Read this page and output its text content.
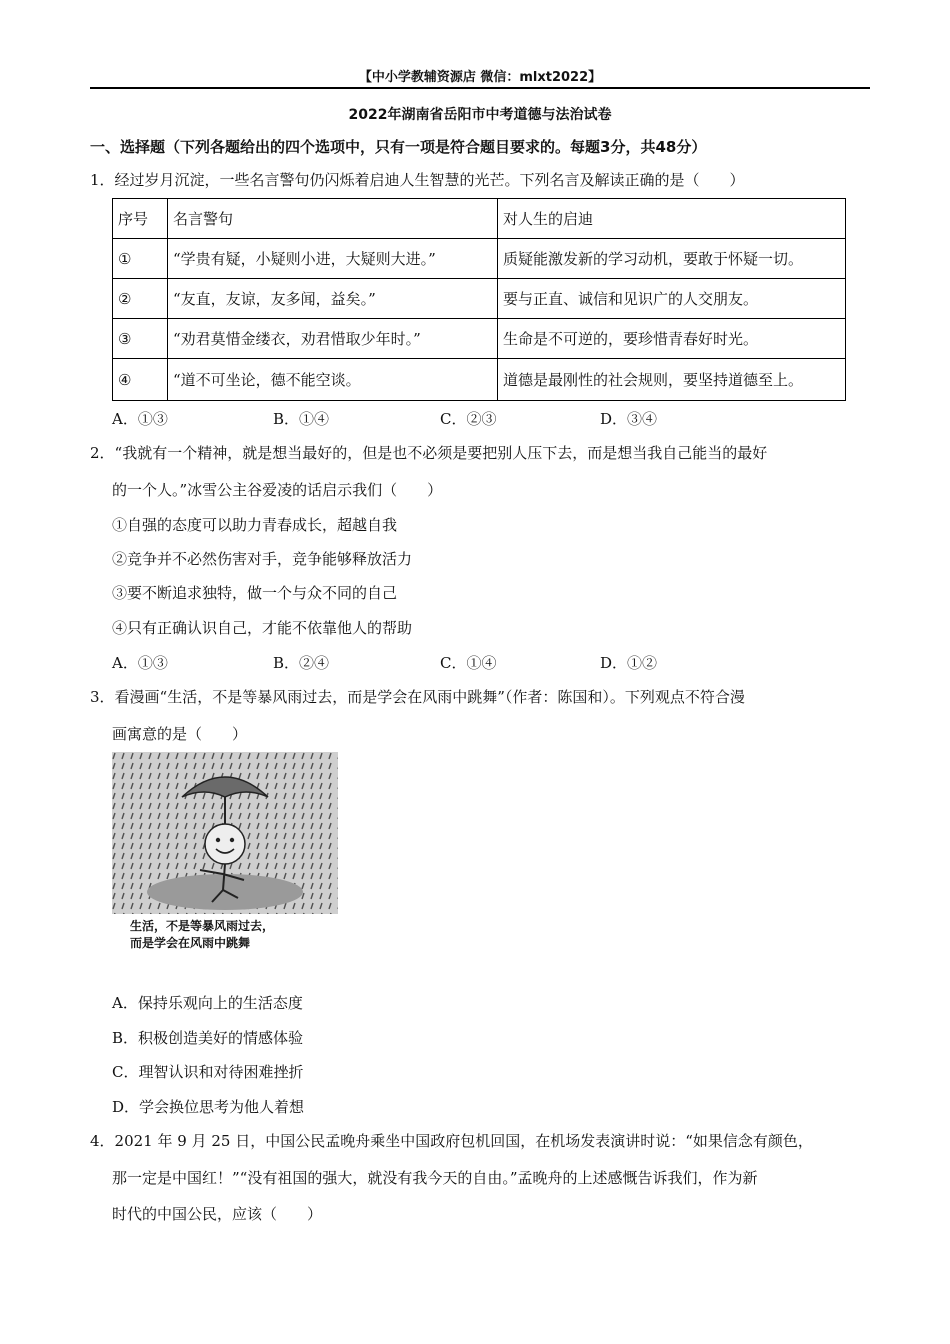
【中小学教辅资源店 微信：mlxt2022】
2022年湖南省岳阳市中考道德与法治试卷
一、选择题（下列各题给出的四个选项中，只有一项是符合题目要求的。每题3分，共48分）
1．经过岁月沉淀，一些名言警句仍闪烁着启迪人生智慧的光芒。下列名言及解读正确的是（　　）
序号	名言警句	对人生的启迪
①	“学贵有疑，小疑则小进，大疑则大进。”	质疑能激发新的学习动机，要敢于怀疑一切。
②	“友直，友谅，友多闻，益矣。”	要与正直、诚信和见识广的人交朋友。
③	“劝君莫惜金缕衣，劝君惜取少年时。”	生命是不可逆的，要珍惜青春好时光。
④	“道不可坐论，德不能空谈。	道德是最刚性的社会规则，要坚持道德至上。
A．①③	B．①④	C．②③	D．③④
2．“我就有一个精神，就是想当最好的，但是也不必须是要把别人压下去，而是想当我自己能当的最好
的一个人。”冰雪公主谷爱凌的话启示我们（　　）
①自强的态度可以助力青春成长，超越自我
②竞争并不必然伤害对手，竞争能够释放活力
③要不断追求独特，做一个与众不同的自己
④只有正确认识自己，才能不依靠他人的帮助
A．①③	B．②④	C．①④	D．①②
3．看漫画“生活，不是等暴风雨过去，而是学会在风雨中跳舞”（作者：陈国和）。下列观点不符合漫
画寓意的是（　　）
生活，不是等暴风雨过去，
而是学会在风雨中跳舞
A．保持乐观向上的生活态度
B．积极创造美好的情感体验
C．理智认识和对待困难挫折
D．学会换位思考为他人着想
4．2021 年 9 月 25 日，中国公民孟晚舟乘坐中国政府包机回国，在机场发表演讲时说：“如果信念有颜色，
那一定是中国红！”“没有祖国的强大，就没有我今天的自由。”孟晚舟的上述感慨告诉我们，作为新
时代的中国公民，应该（　　）
